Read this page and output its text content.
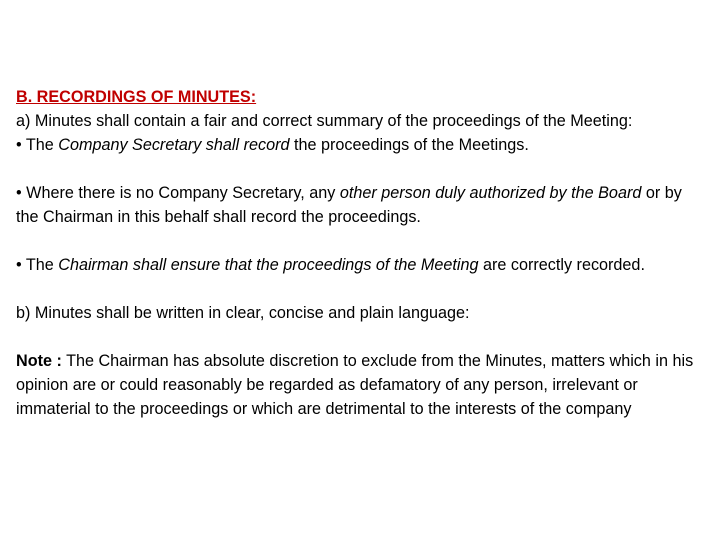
B. RECORDINGS OF MINUTES:
a) Minutes shall contain a fair and correct summary of the proceedings of the Meeting:
• The Company Secretary shall record the proceedings of the Meetings.
• Where there is no Company Secretary, any other person duly authorized by the Board or by the Chairman in this behalf shall record the proceedings.
• The Chairman shall ensure that the proceedings of the Meeting are correctly recorded.
b) Minutes shall be written in clear, concise and plain language:
Note : The Chairman has absolute discretion to exclude from the Minutes, matters which in his opinion are or could reasonably be regarded as defamatory of any person, irrelevant or immaterial to the proceedings or which are detrimental to the interests of the company
